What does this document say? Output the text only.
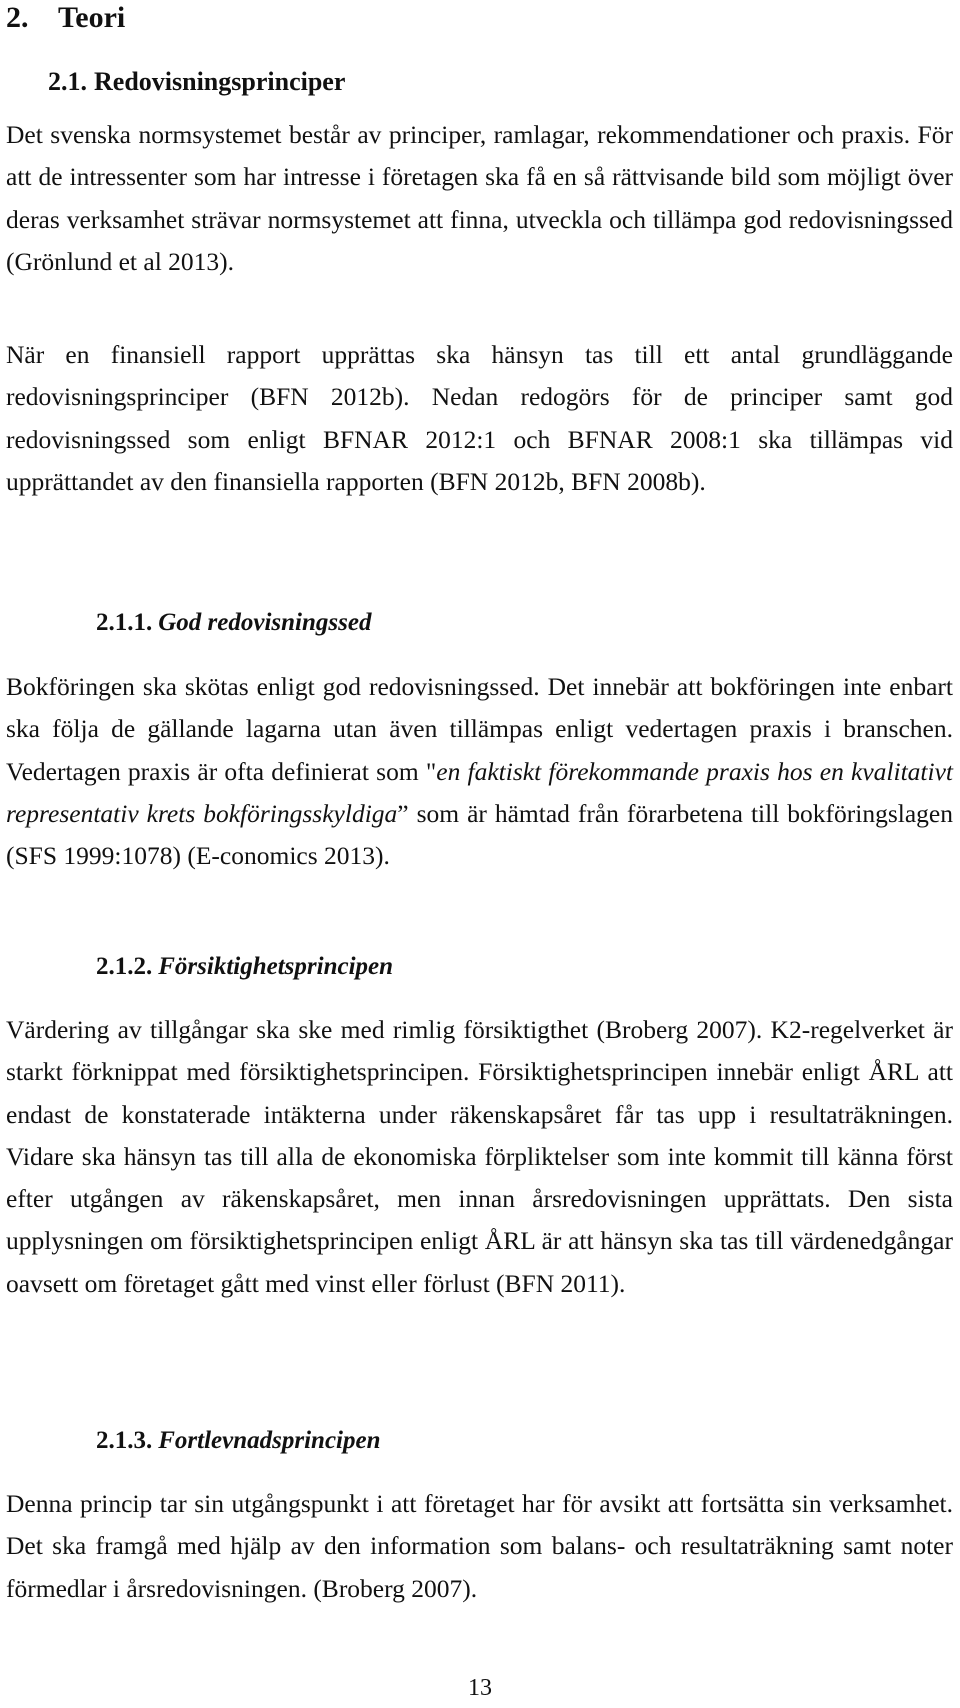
2. Teori
2.1. Redovisningsprinciper

Det svenska normsystemet består av principer, ramlagar, rekommendationer och praxis. För att de intressenter som har intresse i företagen ska få en så rättvisande bild som möjligt över deras verksamhet strävar normsystemet att finna, utveckla och tillämpa god redovisningssed (Grönlund et al 2013).

När en finansiell rapport upprättas ska hänsyn tas till ett antal grundläggande redovisningsprinciper (BFN 2012b). Nedan redogörs för de principer samt god redovisningssed som enligt BFNAR 2012:1 och BFNAR 2008:1 ska tillämpas vid upprättandet av den finansiella rapporten (BFN 2012b, BFN 2008b).

2.1.1. God redovisningssed

Bokföringen ska skötas enligt god redovisningssed. Det innebär att bokföringen inte enbart ska följa de gällande lagarna utan även tillämpas enligt vedertagen praxis i branschen. Vedertagen praxis är ofta definierat som "en faktiskt förekommande praxis hos en kvalitativt representativ krets bokföringsskyldiga” som är hämtad från förarbetena till bokföringslagen (SFS 1999:1078) (E-conomics 2013).

2.1.2. Försiktighetsprincipen

Värdering av tillgångar ska ske med rimlig försiktigthet (Broberg 2007). K2-regelverket är starkt förknippat med försiktighetsprincipen. Försiktighetsprincipen innebär enligt ÅRL att endast de konstaterade intäkterna under räkenskapsåret får tas upp i resultaträkningen. Vidare ska hänsyn tas till alla de ekonomiska förpliktelser som inte kommit till känna först efter utgången av räkenskapsåret, men innan årsredovisningen upprättats. Den sista upplysningen om försiktighetsprincipen enligt ÅRL är att hänsyn ska tas till värdenedgångar oavsett om företaget gått med vinst eller förlust (BFN 2011).

2.1.3. Fortlevnadsprincipen

Denna princip tar sin utgångspunkt i att företaget har för avsikt att fortsätta sin verksamhet. Det ska framgå med hjälp av den information som balans- och resultaträkning samt noter förmedlar i årsredovisningen. (Broberg 2007).

13
